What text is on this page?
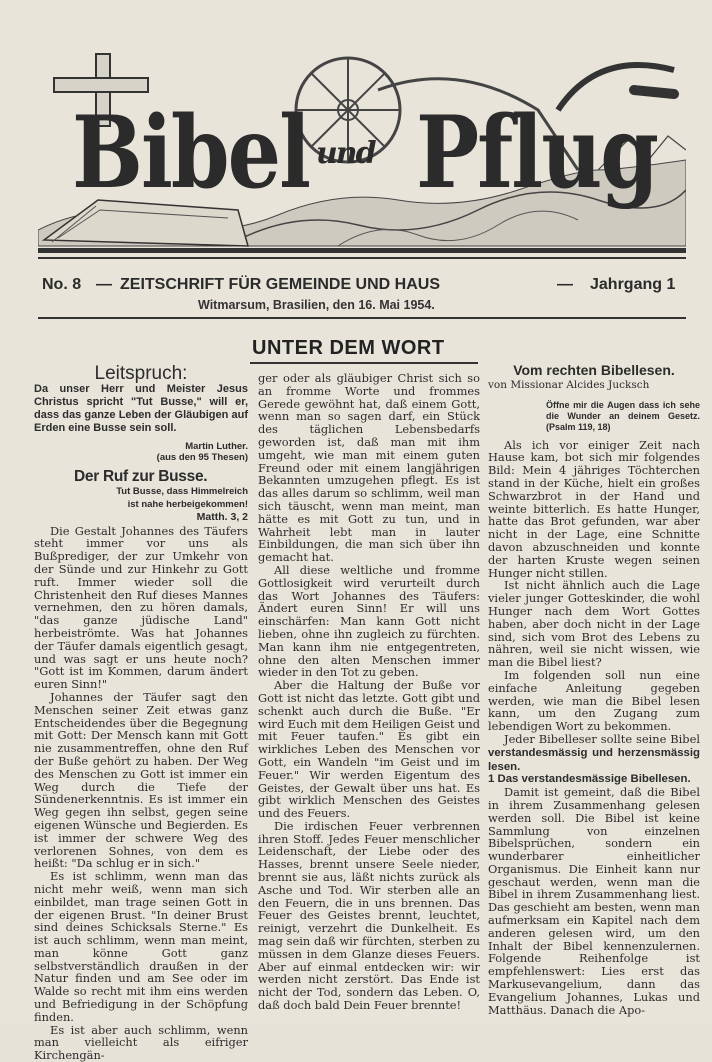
Bibel und Pflug
No. 8 — ZEITSCHRIFT FÜR GEMEINDE UND HAUS	— Jahrgang 1
Witmarsum, Brasilien, den 16. Mai 1954.
UNTER DEM WORT
Leitspruch:
Da unser Herr und Meister Jesus Christus spricht "Tut Busse," will er, dass das ganze Leben der Gläubigen auf Erden eine Busse sein soll.
Martin Luther.
(aus den 95 Thesen)
Der Ruf zur Busse.
Tut Busse, dass Himmelreich
ist nahe herbeigekommen!
Matth. 3, 2

Die Gestalt Johannes des Täufers steht immer vor uns als Bußprediger, der zur Umkehr von der Sünde und zur Hinkehr zu Gott ruft. Immer wieder soll die Christenheit den Ruf dieses Mannes vernehmen, den zu hören damals, "das ganze jüdische Land" herbeiströmte. Was hat Johannes der Täufer damals eigentlich gesagt, und was sagt er uns heute noch? "Gott ist im Kommen, darum ändert euren Sinn!"

Johannes der Täufer sagt den Menschen seiner Zeit etwas ganz Entscheidendes über die Begegnung mit Gott: Der Mensch kann mit Gott nie zusammentreffen, ohne den Ruf der Buße gehört zu haben. Der Weg des Menschen zu Gott ist immer ein Weg durch die Tiefe der Sündenerkenntnis. Es ist immer ein Weg gegen ihn selbst, gegen seine eigenen Wünsche und Begierden. Es ist immer der schwere Weg des verlorenen Sohnes, von dem es heißt: "Da schlug er in sich."

Es ist schlimm, wenn man das nicht mehr weiß, wenn man sich einbildet, man trage seinen Gott in der eigenen Brust. "In deiner Brust sind deines Schicksals Sterne." Es ist auch schlimm, wenn man meint, man könne Gott ganz selbstverständlich draußen in der Natur finden und am See oder im Walde so recht mit ihm eins werden und Befriedigung in der Schöpfung finden.

Es ist aber auch schlimm, wenn man vielleicht als eifriger Kirchengän-

ger oder als gläubiger Christ sich so an fromme Worte und frommes Gerede gewöhnt hat, daß einem Gott, wenn man so sagen darf, ein Stück des täglichen Lebensbedarfs geworden ist, daß man mit ihm umgeht, wie man mit einem guten Freund oder mit einem langjährigen Bekannten umzugehen pflegt. Es ist das alles darum so schlimm, weil man sich täuscht, wenn man meint, man hätte es mit Gott zu tun, und in Wahrheit lebt man in lauter Einbildungen, die man sich über ihn gemacht hat.

All diese weltliche und fromme Gottlosigkeit wird verurteilt durch das Wort Johannes des Täufers: Ändert euren Sinn! Er will uns einschärfen: Man kann Gott nicht lieben, ohne ihn zugleich zu fürchten. Man kann ihm nie entgegentreten, ohne den alten Menschen immer wieder in den Tot zu geben.

Aber die Haltung der Buße vor Gott ist nicht das letzte. Gott gibt und schenkt auch durch die Buße. "Er wird Euch mit dem Heiligen Geist und mit Feuer taufen." Es gibt ein wirkliches Leben des Menschen vor Gott, ein Wandeln "im Geist und im Feuer." Wir werden Eigentum des Geistes, der Gewalt über uns hat. Es gibt wirklich Menschen des Geistes und des Feuers.

Die irdischen Feuer verbrennen ihren Stoff. Jedes Feuer menschlicher Leidenschaft, der Liebe oder des Hasses, brennt unsere Seele nieder, brennt sie aus, läßt nichts zurück als Asche und Tod. Wir sterben alle an den Feuern, die in uns brennen. Das Feuer des Geistes brennt, leuchtet, reinigt, verzehrt die Dunkelheit. Es mag sein daß wir fürchten, sterben zu müssen in dem Glanze dieses Feuers. Aber auf einmal entdecken wir: wir werden nicht zerstört. Das Ende ist nicht der Tod, sondern das Leben. O, daß doch bald Dein Feuer brennte!

Vom rechten Bibellesen.
von Missionar Alcides Jucksch
Öffne mir die Augen dass ich sehe die Wunder an deinem Gesetz. (Psalm 119, 18)

Als ich vor einiger Zeit nach Hause kam, bot sich mir folgendes Bild: Mein 4 jähriges Töchterchen stand in der Küche, hielt ein großes Schwarzbrot in der Hand und weinte bitterlich. Es hatte Hunger, hatte das Brot gefunden, war aber nicht in der Lage, eine Schnitte davon abzuschneiden und konnte der harten Kruste wegen seinen Hunger nicht stillen.

Ist nicht ähnlich auch die Lage vieler junger Gotteskinder, die wohl Hunger nach dem Wort Gottes haben, aber doch nicht in der Lage sind, sich vom Brot des Lebens zu nähren, weil sie nicht wissen, wie man die Bibel liest?

Im folgenden soll nun eine einfache Anleitung gegeben werden, wie man die Bibel lesen kann, um den Zugang zum lebendigen Wort zu bekommen.

Jeder Bibelleser sollte seine Bibel verstandesmässig und herzensmässig lesen.

1 Das verstandesmässige Bibellesen.

Damit ist gemeint, daß die Bibel in ihrem Zusammenhang gelesen werden soll. Die Bibel ist keine Sammlung von einzelnen Bibelsprüchen, sondern ein wunderbarer einheitlicher Organismus. Die Einheit kann nur geschaut werden, wenn man die Bibel in ihrem Zusammenhang liest. Das geschieht am besten, wenn man aufmerksam ein Kapitel nach dem anderen gelesen wird, um den Inhalt der Bibel kennenzulernen. Folgende Reihenfolge ist empfehlenswert: Lies erst das Markusevangelium, dann das Evangelium Johannes, Lukas und Matthäus. Danach die Apo-
